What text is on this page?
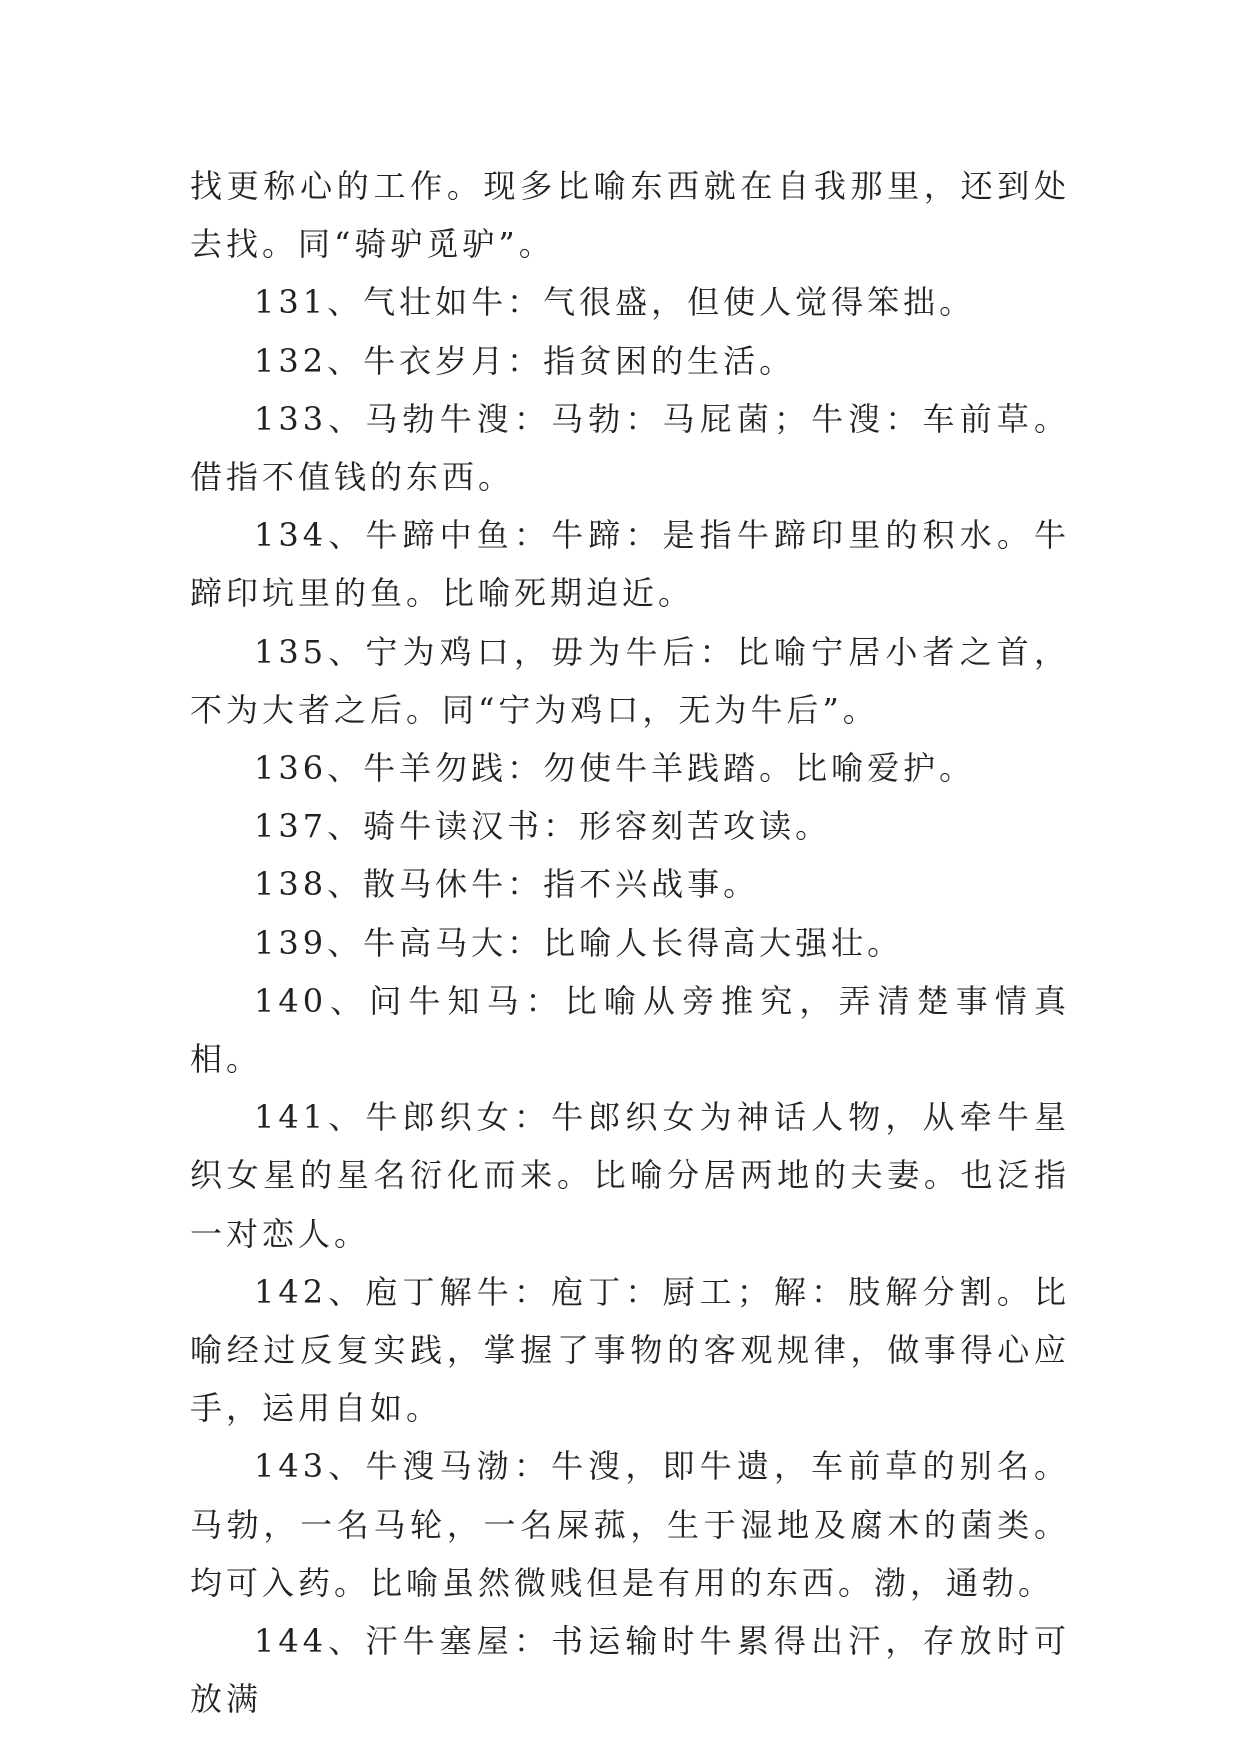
找更称心的工作。现多比喻东西就在自我那里，还到处去找。同“骑驴觅驴”。

131、气壮如牛：气很盛，但使人觉得笨拙。

132、牛衣岁月：指贫困的生活。

133、马勃牛溲：马勃：马屁菌；牛溲：车前草。借指不值钱的东西。

134、牛蹄中鱼：牛蹄：是指牛蹄印里的积水。牛蹄印坑里的鱼。比喻死期迫近。

135、宁为鸡口，毋为牛后：比喻宁居小者之首，不为大者之后。同“宁为鸡口，无为牛后”。

136、牛羊勿践：勿使牛羊践踏。比喻爱护。

137、骑牛读汉书：形容刻苦攻读。

138、散马休牛：指不兴战事。

139、牛高马大：比喻人长得高大强壮。

140、问牛知马：比喻从旁推究，弄清楚事情真相。

141、牛郎织女：牛郎织女为神话人物，从牵牛星织女星的星名衍化而来。比喻分居两地的夫妻。也泛指一对恋人。

142、庖丁解牛：庖丁：厨工；解：肢解分割。比喻经过反复实践，掌握了事物的客观规律，做事得心应手，运用自如。

143、牛溲马渤：牛溲，即牛遗，车前草的别名。马勃，一名马轮，一名屎菰，生于湿地及腐木的菌类。均可入药。比喻虽然微贱但是有用的东西。渤，通勃。

144、汗牛塞屋：书运输时牛累得出汗，存放时可放满
